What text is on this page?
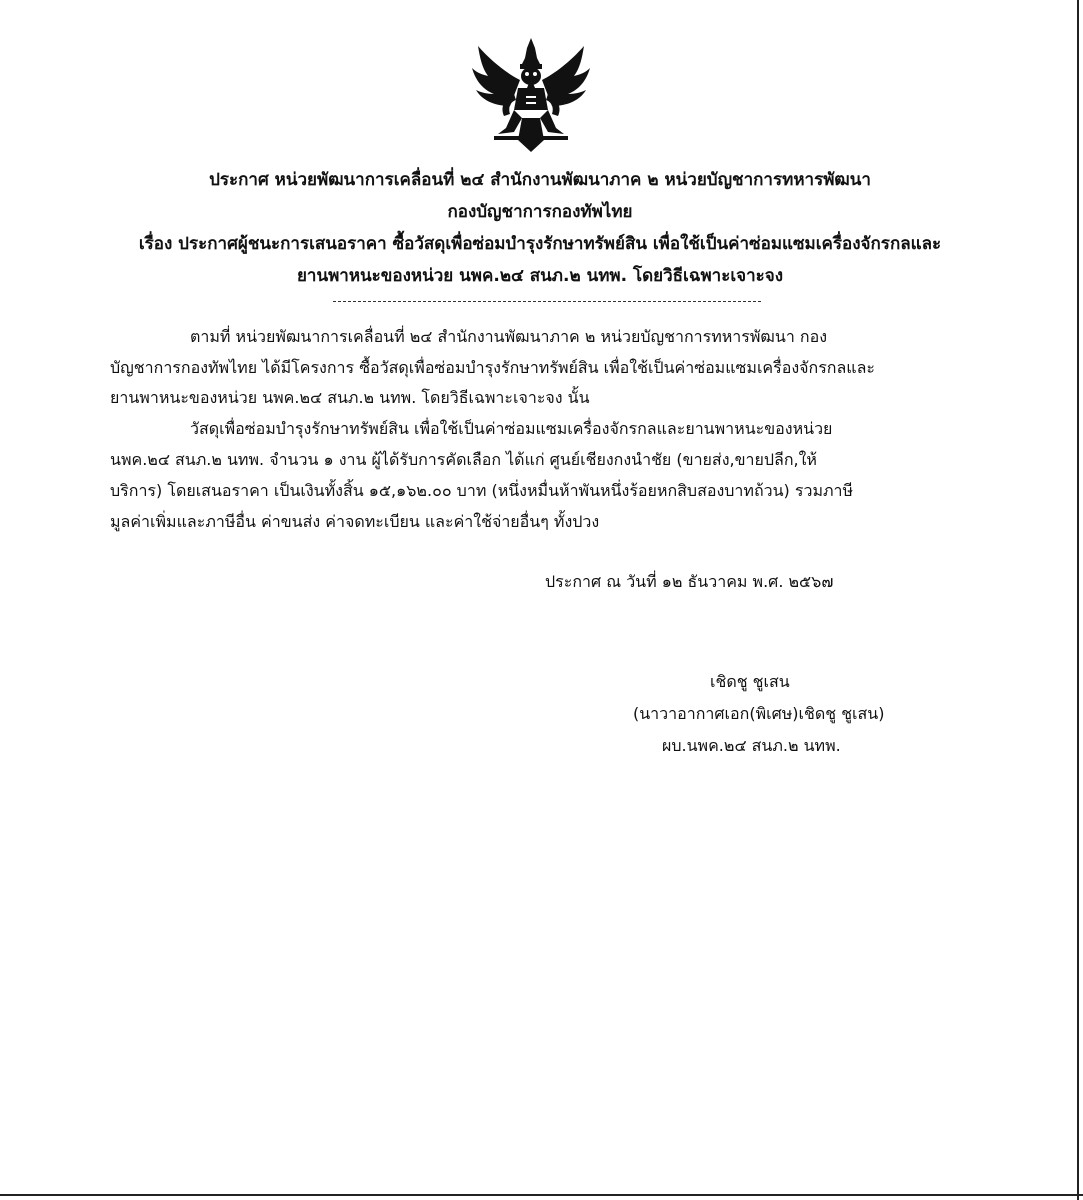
ประกาศ หน่วยพัฒนาการเคลื่อนที่ ๒๔ สำนักงานพัฒนาภาค ๒ หน่วยบัญชาการทหารพัฒนา
กองบัญชาการกองทัพไทย
เรื่อง ประกาศผู้ชนะการเสนอราคา ซื้อวัสดุเพื่อซ่อมบำรุงรักษาทรัพย์สิน เพื่อใช้เป็นค่าซ่อมแซมเครื่องจักรกลและ
ยานพาหนะของหน่วย นพค.๒๔ สนภ.๒ นทพ. โดยวิธีเฉพาะเจาะจง
ตามที่ หน่วยพัฒนาการเคลื่อนที่ ๒๔ สำนักงานพัฒนาภาค ๒ หน่วยบัญชาการทหารพัฒนา กอง
บัญชาการกองทัพไทย ได้มีโครงการ ซื้อวัสดุเพื่อซ่อมบำรุงรักษาทรัพย์สิน เพื่อใช้เป็นค่าซ่อมแซมเครื่องจักรกลและ
ยานพาหนะของหน่วย นพค.๒๔ สนภ.๒ นทพ. โดยวิธีเฉพาะเจาะจง นั้น
วัสดุเพื่อซ่อมบำรุงรักษาทรัพย์สิน เพื่อใช้เป็นค่าซ่อมแซมเครื่องจักรกลและยานพาหนะของหน่วย
นพค.๒๔ สนภ.๒ นทพ. จำนวน ๑ งาน ผู้ได้รับการคัดเลือก ได้แก่ ศูนย์เชียงกงนำชัย (ขายส่ง,ขายปลีก,ให้
บริการ) โดยเสนอราคา เป็นเงินทั้งสิ้น ๑๕,๑๖๒.๐๐ บาท (หนึ่งหมื่นห้าพันหนึ่งร้อยหกสิบสองบาทถ้วน) รวมภาษี
มูลค่าเพิ่มและภาษีอื่น ค่าขนส่ง ค่าจดทะเบียน และค่าใช้จ่ายอื่นๆ ทั้งปวง
ประกาศ ณ วันที่ ๑๒ ธันวาคม พ.ศ. ๒๕๖๗
เชิดชู ชูเสน
(นาวาอากาศเอก(พิเศษ)เชิดชู ชูเสน)
ผบ.นพค.๒๔ สนภ.๒ นทพ.
